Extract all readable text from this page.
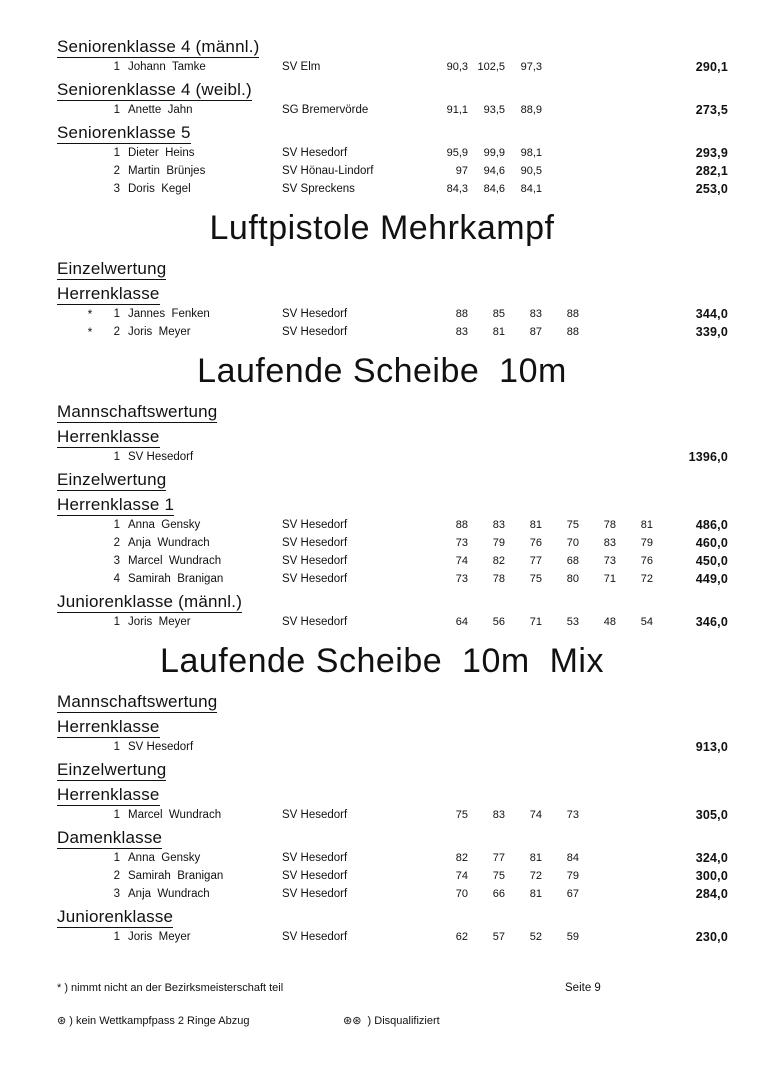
Seniorenklasse 4 (männl.)
1 Johann  Tamke	SV Elm	90,3 102,5	97,3	290,1
Seniorenklasse 4 (weibl.)
1 Anette  Jahn	SG Bremervörde	91,1	93,5	88,9	273,5
Seniorenklasse 5
1 Dieter  Heins	SV Hesedorf	95,9	99,9	98,1	293,9
2 Martin  Brünjes	SV Hönau-Lindorf	97	94,6	90,5	282,1
3 Doris  Kegel	SV Spreckens	84,3	84,6	84,1	253,0
Luftpistole Mehrkampf
Einzelwertung
Herrenklasse
*	1 Jannes  Fenken	SV Hesedorf	88	85	83	88	344,0
*	2 Joris  Meyer	SV Hesedorf	83	81	87	88	339,0
Laufende Scheibe  10m
Mannschaftswertung
Herrenklasse
1 SV Hesedorf	1396,0
Einzelwertung
Herrenklasse 1
1 Anna  Gensky	SV Hesedorf	88	83	81	75	78	81	486,0
2 Anja  Wundrach	SV Hesedorf	73	79	76	70	83	79	460,0
3 Marcel  Wundrach	SV Hesedorf	74	82	77	68	73	76	450,0
4 Samirah  Branigan	SV Hesedorf	73	78	75	80	71	72	449,0
Juniorenklasse (männl.)
1 Joris  Meyer	SV Hesedorf	64	56	71	53	48	54	346,0
Laufende Scheibe  10m  Mix
Mannschaftswertung
Herrenklasse
1 SV Hesedorf	913,0
Einzelwertung
Herrenklasse
1 Marcel  Wundrach	SV Hesedorf	75	83	74	73	305,0
Damenklasse
1 Anna  Gensky	SV Hesedorf	82	77	81	84	324,0
2 Samirah  Branigan	SV Hesedorf	74	75	72	79	300,0
3 Anja  Wundrach	SV Hesedorf	70	66	81	67	284,0
Juniorenklasse
1 Joris  Meyer	SV Hesedorf	62	57	52	59	230,0
* ) nimmt nicht an der Bezirksmeisterschaft teil	Seite 9
⊛ ) kein Wettkampfpass 2 Ringe Abzug	⊛⊛  ) Disqualifiziert
